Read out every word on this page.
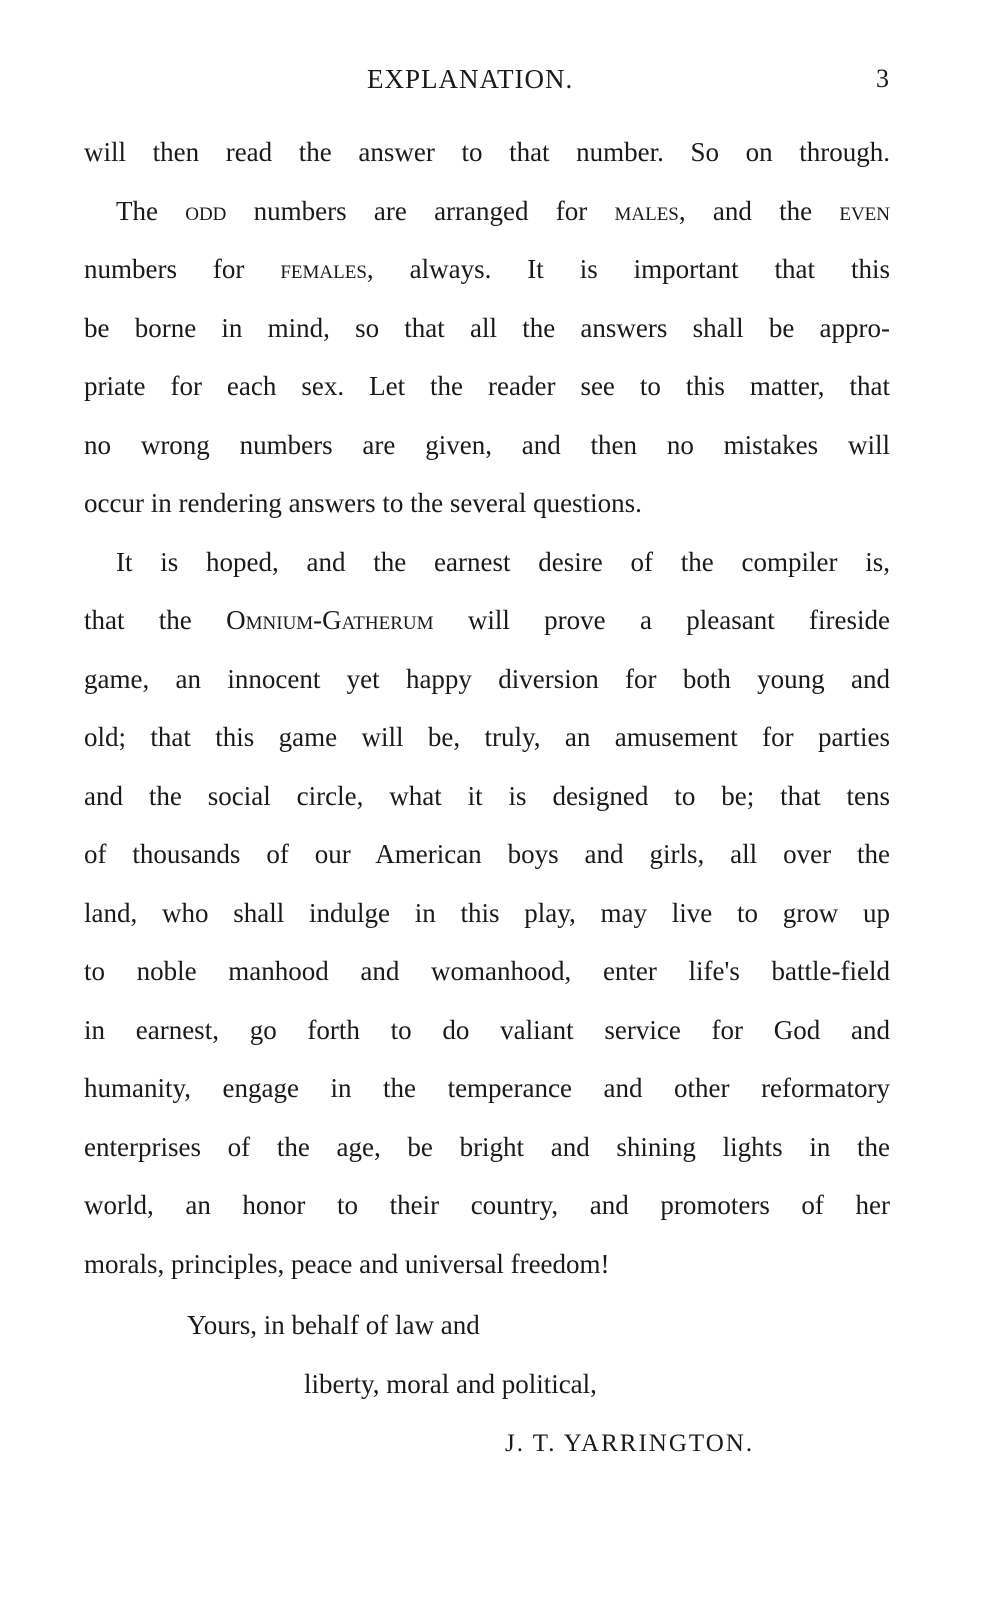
EXPLANATION.	3
will then read the answer to that number. So on through.
The odd numbers are arranged for males, and the even
numbers for females, always. It is important that this
be borne in mind, so that all the answers shall be appro-
priate for each sex. Let the reader see to this matter, that
no wrong numbers are given, and then no mistakes will
occur in rendering answers to the several questions.
It is hoped, and the earnest desire of the compiler is,
that the Omnium-Gatherum will prove a pleasant fireside
game, an innocent yet happy diversion for both young and
old; that this game will be, truly, an amusement for parties
and the social circle, what it is designed to be; that tens
of thousands of our American boys and girls, all over the
land, who shall indulge in this play, may live to grow up
to noble manhood and womanhood, enter life's battle-field
in earnest, go forth to do valiant service for God and
humanity, engage in the temperance and other reformatory
enterprises of the age, be bright and shining lights in the
world, an honor to their country, and promoters of her
morals, principles, peace and universal freedom!
Yours, in behalf of law and
liberty, moral and political,
J. T. YARRINGTON.
